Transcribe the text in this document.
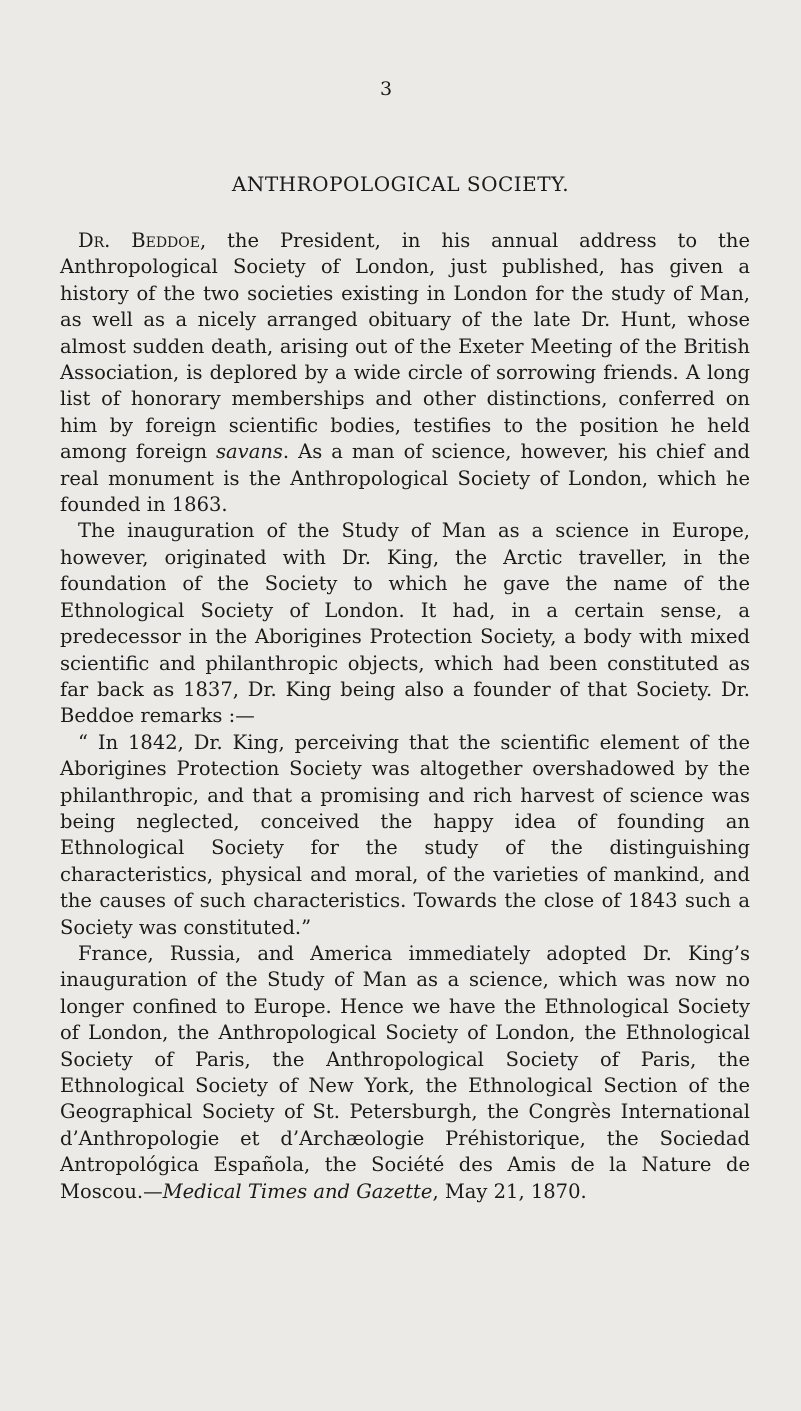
3
ANTHROPOLOGICAL SOCIETY.

Dr. Beddoe, the President, in his annual address to the Anthropological Society of London, just published, has given a history of the two societies existing in London for the study of Man, as well as a nicely arranged obituary of the late Dr. Hunt, whose almost sudden death, arising out of the Exeter Meeting of the British Association, is deplored by a wide circle of sorrowing friends. A long list of honorary memberships and other distinctions, conferred on him by foreign scientific bodies, testifies to the position he held among foreign savans. As a man of science, however, his chief and real monument is the Anthropological Society of London, which he founded in 1863.

The inauguration of the Study of Man as a science in Europe, however, originated with Dr. King, the Arctic traveller, in the foundation of the Society to which he gave the name of the Ethnological Society of London. It had, in a certain sense, a predecessor in the Aborigines Protection Society, a body with mixed scientific and philanthropic objects, which had been constituted as far back as 1837, Dr. King being also a founder of that Society. Dr. Beddoe remarks :—

“ In 1842, Dr. King, perceiving that the scientific element of the Aborigines Protection Society was altogether overshadowed by the philanthropic, and that a promising and rich harvest of science was being neglected, conceived the happy idea of founding an Ethnological Society for the study of the distinguishing characteristics, physical and moral, of the varieties of mankind, and the causes of such characteristics. Towards the close of 1843 such a Society was constituted.”

France, Russia, and America immediately adopted Dr. King’s inauguration of the Study of Man as a science, which was now no longer confined to Europe. Hence we have the Ethnological Society of London, the Anthropological Society of London, the Ethnological Society of Paris, the Anthropological Society of Paris, the Ethnological Society of New York, the Ethnological Section of the Geographical Society of St. Petersburgh, the Congrès International d’Anthropologie et d’Archæologie Préhistorique, the Sociedad Antropológica Española, the Société des Amis de la Nature de Moscou.—Medical Times and Gazette, May 21, 1870.
